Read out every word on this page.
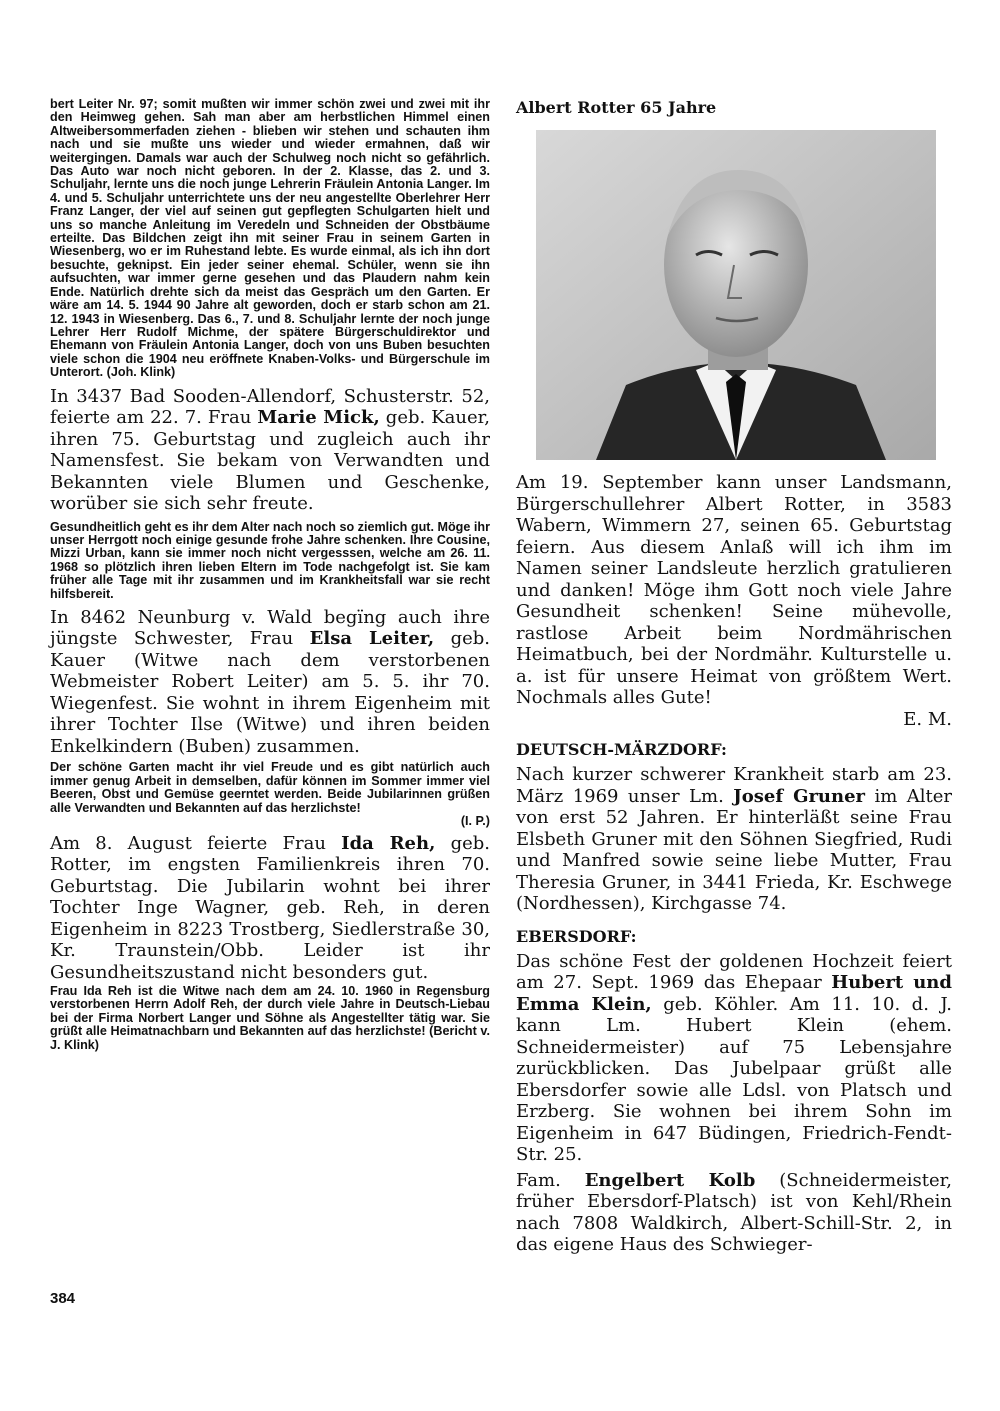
bert Leiter Nr. 97; somit mußten wir immer schön zwei und zwei mit ihr den Heimweg gehen. Sah man aber am herbstlichen Himmel einen Altweibersommerfaden ziehen - blieben wir stehen und schauten ihm nach und sie mußte uns wieder und wieder ermahnen, daß wir weitergingen. Damals war auch der Schulweg noch nicht so gefährlich. Das Auto war noch nicht geboren. In der 2. Klasse, das 2. und 3. Schuljahr, lernte uns die noch junge Lehrerin Fräulein Antonia Langer. Im 4. und 5. Schuljahr unterrichtete uns der neu angestellte Oberlehrer Herr Franz Langer, der viel auf seinen gut gepflegten Schulgarten hielt und uns so manche Anleitung im Veredeln und Schneiden der Obstbäume erteilte. Das Bildchen zeigt ihn mit seiner Frau in seinem Garten in Wiesenberg, wo er im Ruhestand lebte. Es wurde einmal, als ich ihn dort besuchte, geknipst. Ein jeder seiner ehemal. Schüler, wenn sie ihn aufsuchten, war immer gerne gesehen und das Plaudern nahm kein Ende. Natürlich drehte sich da meist das Gespräch um den Garten. Er wäre am 14. 5. 1944 90 Jahre alt geworden, doch er starb schon am 21. 12. 1943 in Wiesenberg. Das 6., 7. und 8. Schuljahr lernte der noch junge Lehrer Herr Rudolf Michme, der spätere Bürgerschuldirektor und Ehemann von Fräulein Antonia Langer, doch von uns Buben besuchten viele schon die 1904 neu eröffnete Knaben-Volks- und Bürgerschule im Unterort. (Joh. Klink)

In 3437 Bad Sooden-Allendorf, Schusterstr. 52, feierte am 22. 7. Frau Marie Mick, geb. Kauer, ihren 75. Geburtstag und zugleich auch ihr Namensfest. Sie bekam von Verwandten und Bekannten viele Blumen und Geschenke, worüber sie sich sehr freute.

Gesundheitlich geht es ihr dem Alter nach noch so ziemlich gut. Möge ihr unser Herrgott noch einige gesunde frohe Jahre schenken. Ihre Cousine, Mizzi Urban, kann sie immer noch nicht vergesssen, welche am 26. 11. 1968 so plötzlich ihren lieben Eltern im Tode nachgefolgt ist. Sie kam früher alle Tage mit ihr zusammen und im Krankheitsfall war sie recht hilfsbereit.

In 8462 Neunburg v. Wald begïng auch ihre jüngste Schwester, Frau Elsa Leiter, geb. Kauer (Witwe nach dem verstorbenen Webmeister Robert Leiter) am 5. 5. ihr 70. Wiegenfest. Sie wohnt in ihrem Eigenheim mit ihrer Tochter Ilse (Witwe) und ihren beiden Enkelkindern (Buben) zusammen.

Der schöne Garten macht ihr viel Freude und es gibt natürlich auch immer genug Arbeit in demselben, dafür können im Sommer immer viel Beeren, Obst und Gemüse geerntet werden. Beide Jubilarinnen grüßen alle Verwandten und Bekannten auf das herzlichste!
(I. P.)

Am 8. August feierte Frau Ida Reh, geb. Rotter, im engsten Familienkreis ihren 70. Geburtstag. Die Jubilarin wohnt bei ihrer Tochter Inge Wagner, geb. Reh, in deren Eigenheim in 8223 Trostberg, Siedlerstraße 30, Kr. Traunstein/Obb. Leider ist ihr Gesundheitszustand nicht besonders gut.

Frau Ida Reh ist die Witwe nach dem am 24. 10. 1960 in Regensburg verstorbenen Herrn Adolf Reh, der durch viele Jahre in Deutsch-Liebau bei der Firma Norbert Langer und Söhne als Angestellter tätig war. Sie grüßt alle Heimatnachbarn und Bekannten auf das herzlichste! (Bericht v. J. Klink)

Albert Rotter 65 Jahre

Am 19. September kann unser Landsmann, Bürgerschullehrer Albert Rotter, in 3583 Wabern, Wimmern 27, seinen 65. Geburtstag feiern. Aus diesem Anlaß will ich ihm im Namen seiner Landsleute herzlich gratulieren und danken! Möge ihm Gott noch viele Jahre Gesundheit schenken! Seine mühevolle, rastlose Arbeit beim Nordmährischen Heimatbuch, bei der Nordmähr. Kulturstelle u. a. ist für unsere Heimat von größtem Wert. Nochmals alles Gute!
E. M.

DEUTSCH-MÄRZDORF:

Nach kurzer schwerer Krankheit starb am 23. März 1969 unser Lm. Josef Gruner im Alter von erst 52 Jahren. Er hinterläßt seine Frau Elsbeth Gruner mit den Söhnen Siegfried, Rudi und Manfred sowie seine liebe Mutter, Frau Theresia Gruner, in 3441 Frieda, Kr. Eschwege (Nordhessen), Kirchgasse 74.

EBERSDORF:

Das schöne Fest der goldenen Hochzeit feiert am 27. Sept. 1969 das Ehepaar Hubert und Emma Klein, geb. Köhler. Am 11. 10. d. J. kann Lm. Hubert Klein (ehem. Schneidermeister) auf 75 Lebensjahre zurückblicken. Das Jubelpaar grüßt alle Ebersdorfer sowie alle Ldsl. von Platsch und Erzberg. Sie wohnen bei ihrem Sohn im Eigenheim in 647 Büdingen, Friedrich-Fendt-Str. 25.

Fam. Engelbert Kolb (Schneidermeister, früher Ebersdorf-Platsch) ist von Kehl/Rhein nach 7808 Waldkirch, Albert-Schill-Str. 2, in das eigene Haus des Schwieger-

384
